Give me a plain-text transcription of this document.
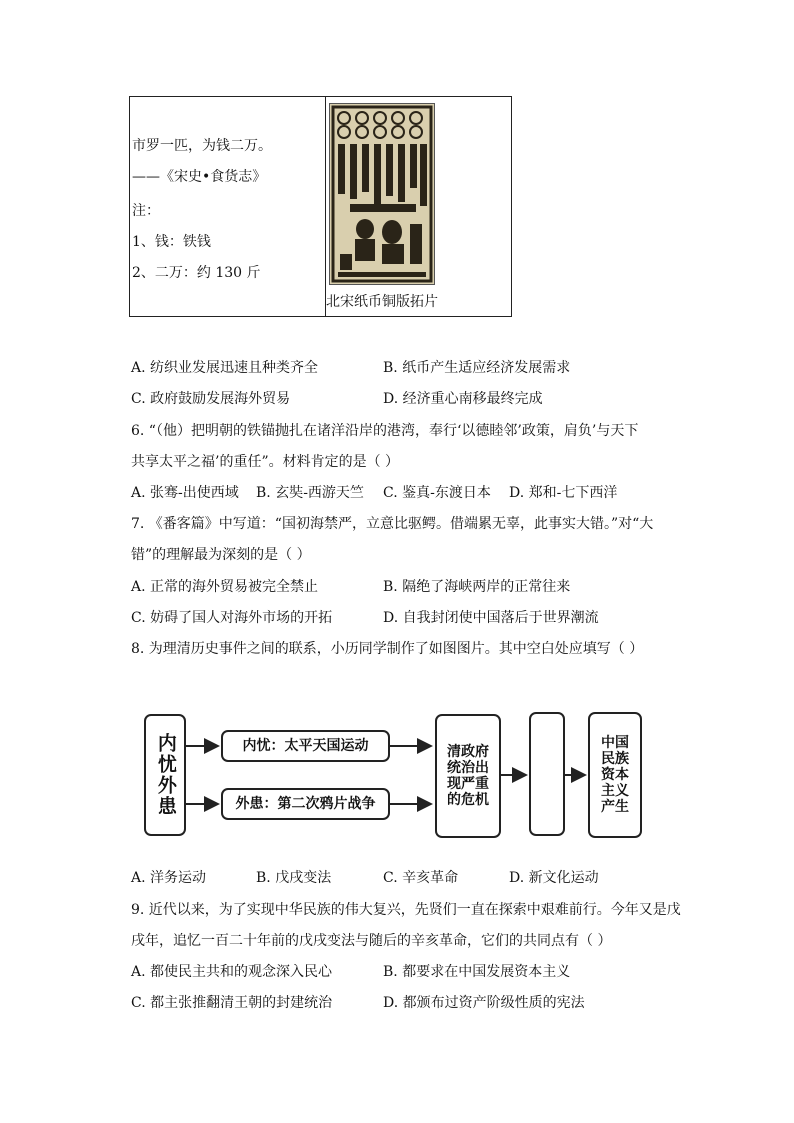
市罗一匹，为钱二万。
——《宋史•食货志》
注：
1、钱：铁钱
2、二万：约 130 斤
北宋纸币铜版拓片
A. 纺织业发展迅速且种类齐全	B. 纸币产生适应经济发展需求
C. 政府鼓励发展海外贸易	D. 经济重心南移最终完成
6. “（他）把明朝的铁锚抛扎在诸洋沿岸的港湾，奉行‘以德睦邻’政策，肩负’与天下
共享太平之福’的重任”。材料肯定的是（ ）
A. 张骞-出使西域 B. 玄奘-西游天竺 C. 鉴真-东渡日本 D. 郑和-七下西洋
7. 《番客篇》中写道：“国初海禁严，立意比驱鳄。借端累无辜，此事实大错。”对“大
错”的理解最为深刻的是（ ）
A. 正常的海外贸易被完全禁止	B. 隔绝了海峡两岸的正常往来
C. 妨碍了国人对海外市场的开拓	D. 自我封闭使中国落后于世界潮流
8. 为理清历史事件之间的联系，小历同学制作了如图图片。其中空白处应填写（ ）
内忧外患	内忧：太平天国运动
外患：第二次鸦片战争
清政府统治出现严重的危机
中国民族资本主义产生
A. 洋务运动	B. 戊戌变法	C. 辛亥革命	D. 新文化运动
9. 近代以来，为了实现中华民族的伟大复兴，先贤们一直在探索中艰难前行。今年又是戊
戌年，追忆一百二十年前的戊戌变法与随后的辛亥革命，它们的共同点有（ ）
A. 都使民主共和的观念深入民心	B. 都要求在中国发展资本主义
C. 都主张推翻清王朝的封建统治	D. 都颁布过资产阶级性质的宪法
